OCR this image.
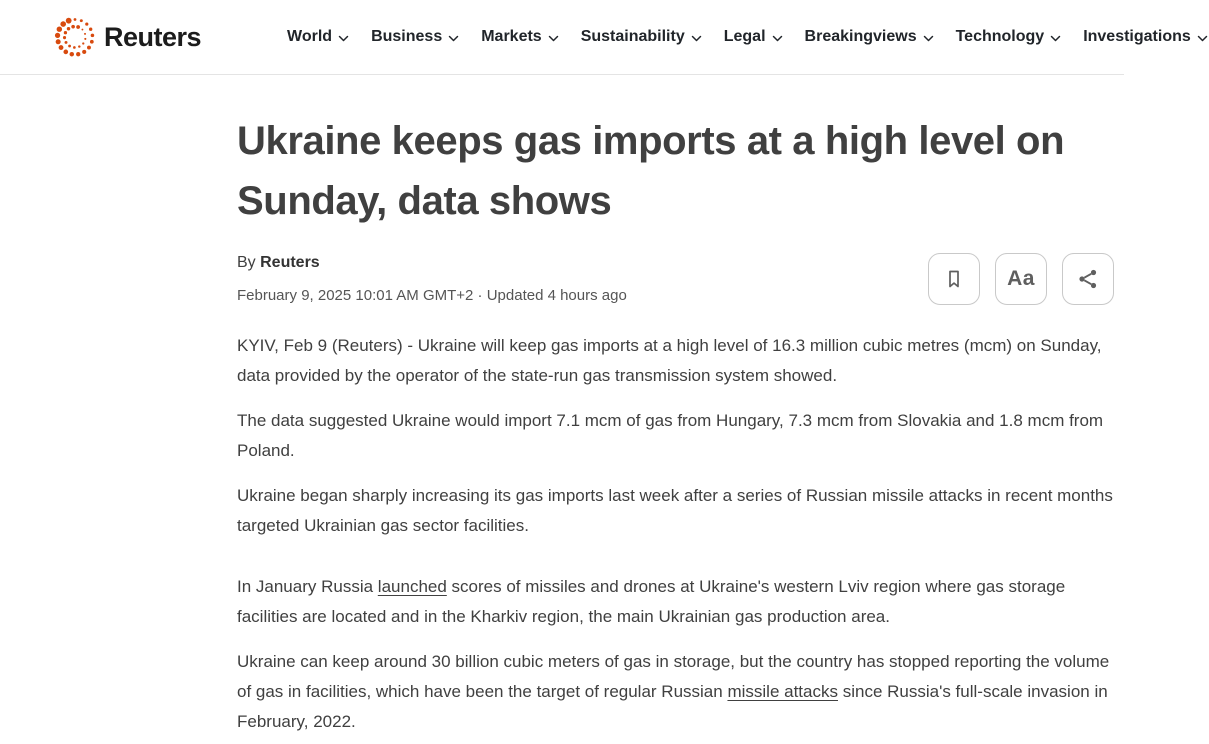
Reuters	World Business Markets Sustainability Legal Breakingviews Technology Investigations
Ukraine keeps gas imports at a high level on Sunday, data shows
By Reuters
February 9, 2025 10:01 AM GMT+2 · Updated 4 hours ago
Aa

KYIV, Feb 9 (Reuters) - Ukraine will keep gas imports at a high level of 16.3 million cubic metres (mcm) on Sunday, data provided by the operator of the state-run gas transmission system showed.

The data suggested Ukraine would import 7.1 mcm of gas from Hungary, 7.3 mcm from Slovakia and 1.8 mcm from Poland.

Ukraine began sharply increasing its gas imports last week after a series of Russian missile attacks in recent months targeted Ukrainian gas sector facilities.

In January Russia launched scores of missiles and drones at Ukraine's western Lviv region where gas storage facilities are located and in the Kharkiv region, the main Ukrainian gas production area.

Ukraine can keep around 30 billion cubic meters of gas in storage, but the country has stopped reporting the volume of gas in facilities, which have been the target of regular Russian missile attacks since Russia's full-scale invasion in February, 2022.
